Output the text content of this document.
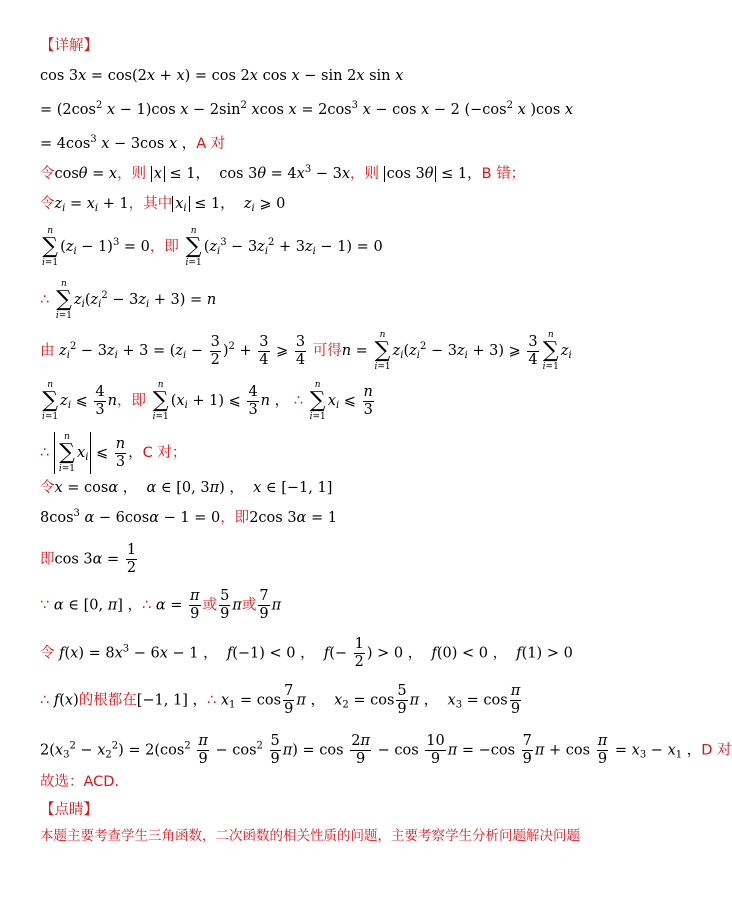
【详解】
cos 3x = cos(2x + x) = cos 2x cos x − sin 2x sin x
= ($2\cos^2$ x − 1)cos $x - 2\sin^2$ xcos $x = 2\cos^3$ x − cos x − 2 ($-\cos^2$ x )cos x
= $4\cos^3$ x − 3cos x ，A 对
令cosθ = x，则 x ≤ 1，  $\cos 3\theta = 4x^3 - 3x$，则 cos 3θ ≤ 1，B 错；
令$z_i = x_i + 1$，其中 $x_i \le 1$，  $z_i$ ⩾ 0
n
∑
i=1
$(z_i - 1)^3 = 0$，即
n
∑
i=1
$(z_i^3 - 3z_i^2 + 3z_i - 1) = 0$
∴
n
∑
i=1
$z_i(z_i^2 - 3z_i + 3) = n$
由 $z_i^2 - 3z_i + 3 = (z_i - \frac{3}{2} )^2 + \frac{3}{4}$ ⩾ $\frac{3}{4}$ 可得n =
n
∑
i=1
$z_i(z_i^2 - 3z_i + 3)$ ⩾ $\frac{3}{4}$	n
∑
i=1
$z_i$
n
∑
i=1
$z_i$ ⩽ $\frac{4}{3}$ n，即
n
∑
i=1
$(x_i + 1)$ ⩽ $\frac{4}{3}$ n ， ∴
n
∑
i=1
$x_i$ ⩽ $\frac{n}{3}$
∴
n
∑
i=1
$x_i$ ⩽ $\frac{n}{3}$ ，C 对；
令x = cosα ，  α ∈ [0, 3π) ，  x ∈ [−1, 1]
$8\cos^3$ α − 6cosα − 1 = 0，即2cos 3α = 1
即$\cos 3\alpha = \frac{1}{2}$
∵ α ∈ [0, π] ，∴ $\alpha = \frac{\pi}{9}$ 或 $\frac{5}{9}$ π或 $\frac{7}{9}$ π
令 $f(x) = 8x^3 - 6x - 1$ ，  f(−1) < 0 ，  $f(- \frac{1}{2}$ ) > 0 ，  f(0) < 0 ，  f(1) > 0
∴ f(x)的根都在[−1, 1] ，∴ $x_1 = \cos \frac{7}{9}$ π ，  $x_2 = \cos \frac{5}{9}$ π ，  $x_3 = \cos \frac{\pi}{9}$
$2(x_3^2 - x_2^2) = 2(\cos^2 \frac{\pi}{9} - \cos^2 \frac{5}{9} \pi) = \cos \frac{2\pi}{9} - \cos \frac{10}{9}$ $\pi = -\cos \frac{7}{9}$ $\pi + \cos \frac{\pi}{9} = x_3 - x_1$ ，D 对
故选：ACD.
【点睛】
本题主要考查学生三角函数，二次函数的相关性质的问题，主要考察学生分析问题解决问题
